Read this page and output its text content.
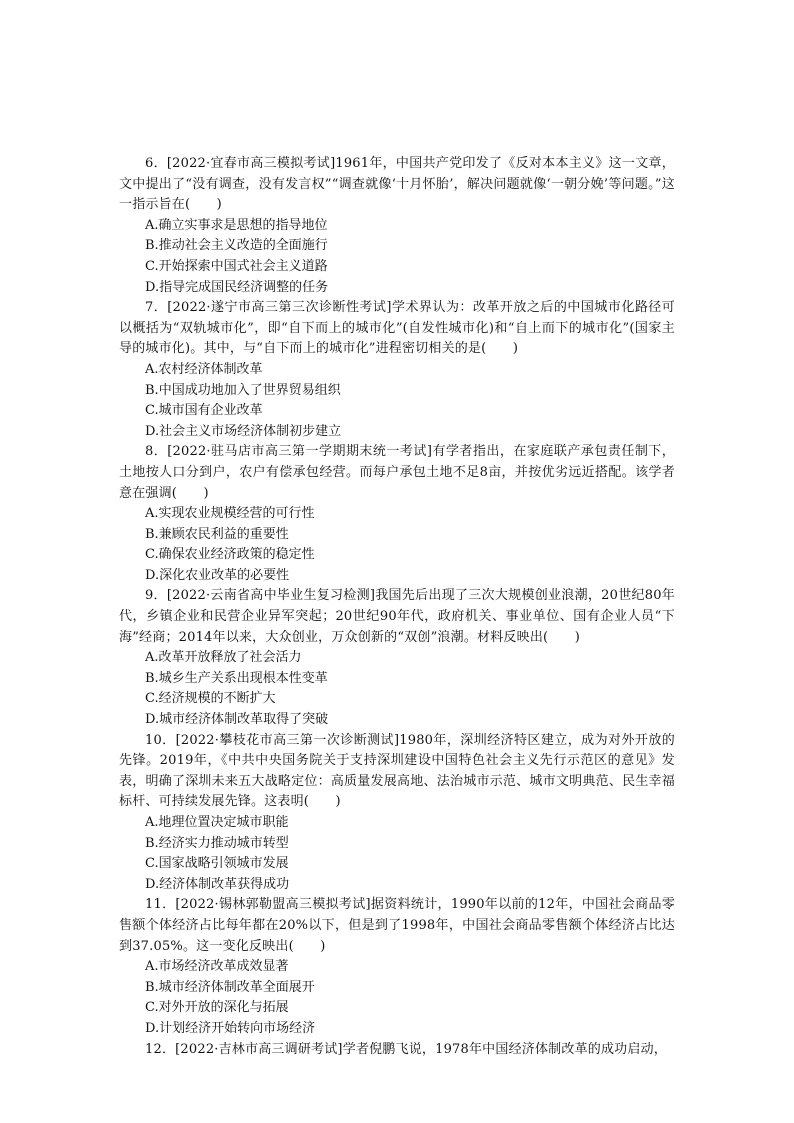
6．[2022·宜春市高三模拟考试]1961年，中国共产党印发了《反对本本主义》这一文章，文中提出了“没有调查，没有发言权”“调查就像‘十月怀胎’，解决问题就像‘一朝分娩’等问题。”这一指示旨在(　　)
A.确立实事求是思想的指导地位
B.推动社会主义改造的全面施行
C.开始探索中国式社会主义道路
D.指导完成国民经济调整的任务
7．[2022·遂宁市高三第三次诊断性考试]学术界认为：改革开放之后的中国城市化路径可以概括为“双轨城市化”，即“自下而上的城市化”(自发性城市化)和“自上而下的城市化”(国家主导的城市化)。其中，与“自下而上的城市化”进程密切相关的是(　　)
A.农村经济体制改革
B.中国成功地加入了世界贸易组织
C.城市国有企业改革
D.社会主义市场经济体制初步建立
8．[2022·驻马店市高三第一学期期末统一考试]有学者指出，在家庭联产承包责任制下，土地按人口分到户，农户有偿承包经营。而每户承包土地不足8亩，并按优劣远近搭配。该学者意在强调(　　)
A.实现农业规模经营的可行性
B.兼顾农民利益的重要性
C.确保农业经济政策的稳定性
D.深化农业改革的必要性
9．[2022·云南省高中毕业生复习检测]我国先后出现了三次大规模创业浪潮，20世纪80年代，乡镇企业和民营企业异军突起；20世纪90年代，政府机关、事业单位、国有企业人员“下海”经商；2014年以来，大众创业，万众创新的“双创”浪潮。材料反映出(　　)
A.改革开放释放了社会活力
B.城乡生产关系出现根本性变革
C.经济规模的不断扩大
D.城市经济体制改革取得了突破
10．[2022·攀枝花市高三第一次诊断测试]1980年，深圳经济特区建立，成为对外开放的先锋。2019年，《中共中央国务院关于支持深圳建设中国特色社会主义先行示范区的意见》发表，明确了深圳未来五大战略定位：高质量发展高地、法治城市示范、城市文明典范、民生幸福标杆、可持续发展先锋。这表明(　　)
A.地理位置决定城市职能
B.经济实力推动城市转型
C.国家战略引领城市发展
D.经济体制改革获得成功
11．[2022·锡林郭勒盟高三模拟考试]据资料统计，1990年以前的12年，中国社会商品零售额个体经济占比每年都在20%以下，但是到了1998年，中国社会商品零售额个体经济占比达到37.05%。这一变化反映出(　　)
A.市场经济改革成效显著
B.城市经济体制改革全面展开
C.对外开放的深化与拓展
D.计划经济开始转向市场经济
12．[2022·吉林市高三调研考试]学者倪鹏飞说，1978年中国经济体制改革的成功启动，
